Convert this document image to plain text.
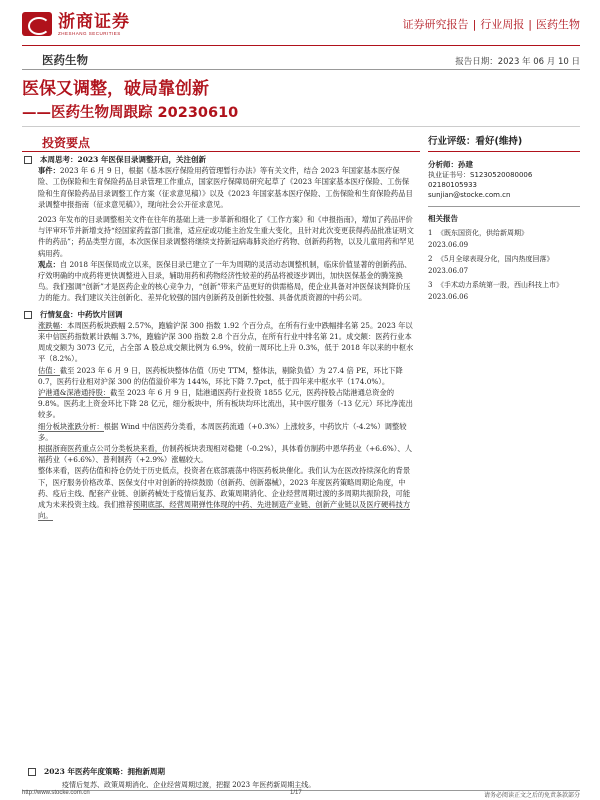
浙商证券
ZHESHANG SECURITIES
证券研究报告 | 行业周报 | 医药生物
医药生物	报告日期：2023 年 06 月 10 日
医保又调整，破局靠创新
——医药生物周跟踪 20230610
投资要点
本周思考：2023 年医保目录调整开启，关注创新

事件：2023 年 6 月 9 日，根据《基本医疗保险用药管理暂行办法》等有关文件，结合 2023 年国家基本医疗保险、工伤保险和生育保险药品目录管理工作重点，国家医疗保障局研究起草了《2023 年国家基本医疗保险、工伤保险和生育保险药品目录调整工作方案（征求意见稿）》以及《2023 年国家基本医疗保险、工伤保险和生育保险药品目录调整申报指南（征求意见稿）》，现向社会公开征求意见。

2023 年发布的目录调整相关文件在往年的基础上进一步革新和细化了《工作方案》和《申报指南》，增加了药品评价与评审环节并新增支持“经国家药监部门批准，适应症或功能主治发生重大变化，且针对此次变更获得药品批准证明文件的药品”；药品类型方面，本次医保目录调整将继续支持新冠病毒肺炎治疗药物、创新药药物，以及儿童用药和罕见病用药。

观点：自 2018 年医保局成立以来，医保目录已建立了一年为周期的灵活动态调整机制，临床价值显著的创新药品、疗效明确的中成药将更快调整进入目录，辅助用药和药物经济性较差的药品将被逐步调出，加快医保基金的腾笼换鸟。我们强调“创新”才是医药企业的核心竞争力，“创新”带来产品更好的供需格局，使企业具备对冲医保谈判降价压力的能力。我们建议关注创新化、差异化较强的国内创新药及创新性较强、具备优质资源的中药公司。

行情复盘：中药饮片回调

涨跌幅：本周医药板块跌幅 2.57%，跑输沪深 300 指数 1.92 个百分点，在所有行业中跌幅排名第 25。2023 年以来中信医药指数累计跌幅 3.7%，跑输沪深 300 指数 2.8 个百分点，在所有行业中排名第 21。成交额：医药行业本周成交额为 3073 亿元，占全部 A 股总成交额比例为 6.9%，较前一周环比上升 0.3%，低于 2018 年以来的中枢水平（8.2%）。

估值：截至 2023 年 6 月 9 日，医药板块整体估值（历史 TTM，整体法，剔除负值）为 27.4 倍 PE，环比下降 0.7，医药行业相对沪深 300 的估值溢价率为 144%，环比下降 7.7pct，低于四年来中枢水平（174.0%）。

沪港通&深港通持股：截至 2023 年 6 月 9 日，陆港通医药行业投资 1855 亿元，医药持股占陆港通总资金的 9.8%。医药北上资金环比下降 28 亿元，细分板块中，所有板块均环比流出，其中医疗服务（-13 亿元）环比净流出较多。

细分板块涨跌分析：根据 Wind 中信医药分类看，本周医药流通（+0.3%）上涨较多，中药饮片（-4.2%）调整较多。

根据浙商医药重点公司分类板块来看，仿制药板块表现相对稳健（-0.2%），具体看仿制药中恩华药业（+6.6%）、人福药业（+6.6%）、普利制药（+2.9%）涨幅较大。

整体来看，医药估值和持仓仍处于历史低点，投资者在底部震荡中将医药板块催化。我们认为在医改持续深化的背景下，医疗服务价格改革、医保支付中对创新的持续鼓励（创新药、创新器械），2023 年度医药策略周期论角度，中药、疫后主线、配套产业链、创新药械处于疫情后复苏、政策周期消化、企业经营周期过渡的多周期共振阶段，可能成为未来投资主线。我们推荐预期底部、经营周期弹性体现的中药、先进制造产业链、创新产业链以及医疗硬科技方向。

2023 年医药年度策略：拥抱新周期
疫情后复苏、政策周期消化、企业经营周期过渡，把握 2023 年医药新周期主线。
行业评级：看好(维持)
分析师：孙建
执业证书号：S1230520080006
02180105933
sunjian@stocke.com.cn
相关报告
1 《既东国资化，供给新周期》
2023.06.09
2 《5月全球表现分化，国内热度回落》
2023.06.07
3 《手术动力系统第一股，西山科技上市》
2023.06.06
http://www.stocke.com.cn	1/17	请务必阅读正文之后的免责条款部分
